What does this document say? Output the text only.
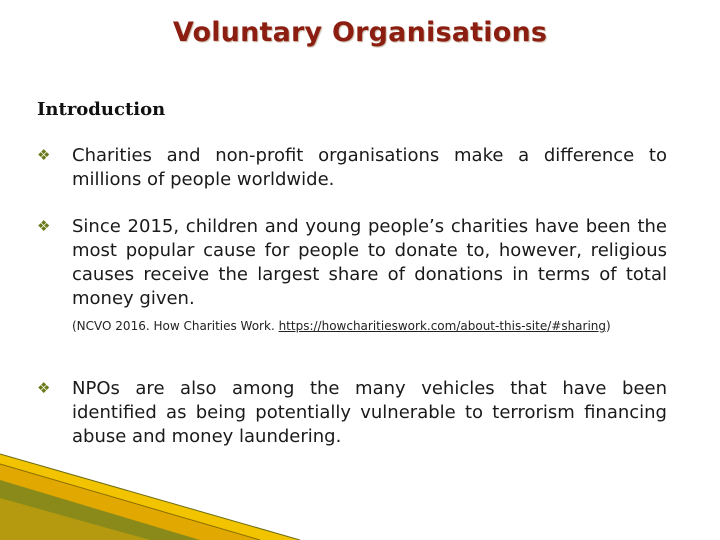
Voluntary Organisations
Introduction
❖ Charities and non-profit organisations make a difference to millions of people worldwide.
❖ Since 2015, children and young people’s charities have been the most popular cause for people to donate to, however, religious causes receive the largest share of donations in terms of total money given.
(NCVO 2016. How Charities Work. https://howcharitieswork.com/about-this-site/#sharing)
❖ NPOs are also among the many vehicles that have been identified as being potentially vulnerable to terrorism financing abuse and money laundering.
